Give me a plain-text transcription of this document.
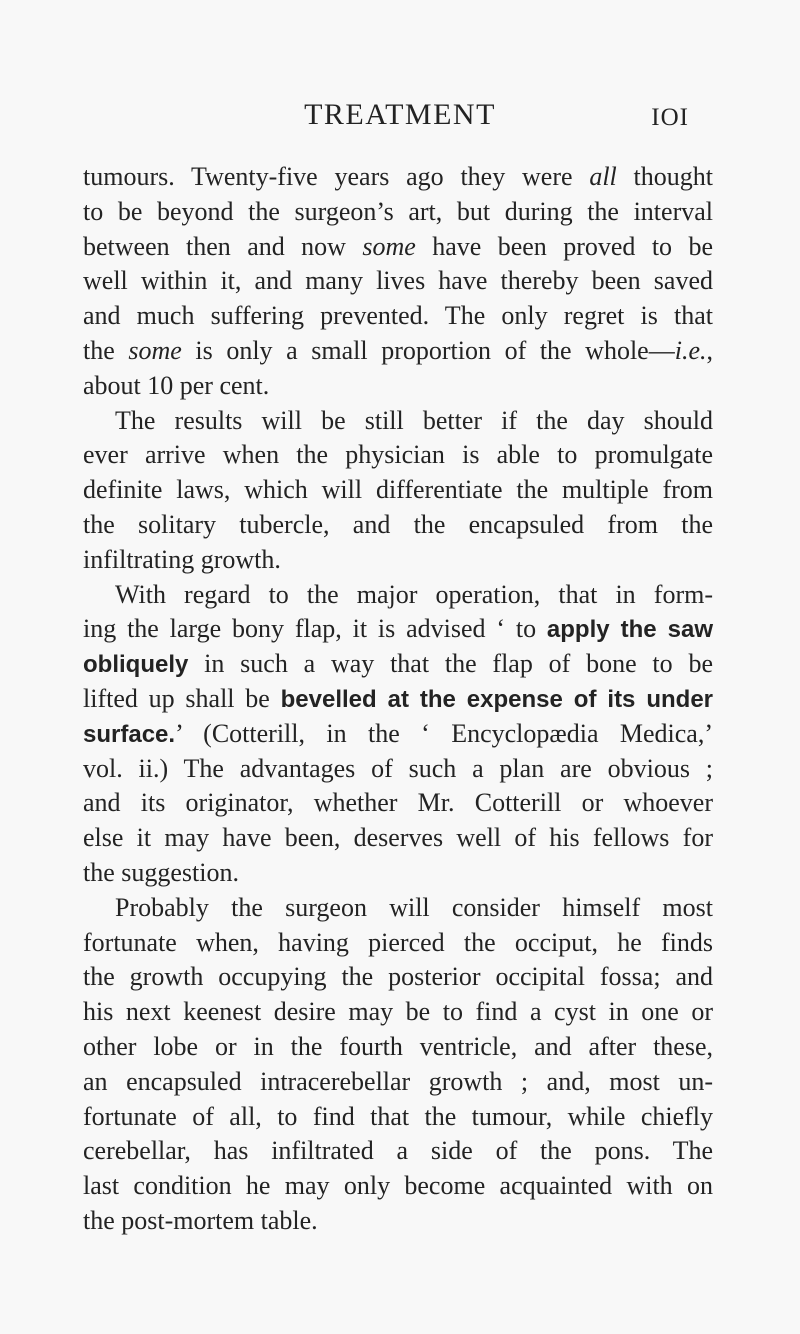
TREATMENT	IOI
tumours. Twenty-five years ago they were all thought
to be beyond the surgeon’s art, but during the interval
between then and now some have been proved to be
well within it, and many lives have thereby been saved
and much suffering prevented. The only regret is that
the some is only a small proportion of the whole—i.e.,
about 10 per cent.
The results will be still better if the day should
ever arrive when the physician is able to promulgate
definite laws, which will differentiate the multiple from
the solitary tubercle, and the encapsuled from the
infiltrating growth.
With regard to the major operation, that in form-
ing the large bony flap, it is advised ‘ to apply the saw
obliquely in such a way that the flap of bone to be
lifted up shall be bevelled at the expense of its under
surface.’ (Cotterill, in the ‘ Encyclopædia Medica,’
vol. ii.) The advantages of such a plan are obvious ;
and its originator, whether Mr. Cotterill or whoever
else it may have been, deserves well of his fellows for
the suggestion.
Probably the surgeon will consider himself most
fortunate when, having pierced the occiput, he finds
the growth occupying the posterior occipital fossa; and
his next keenest desire may be to find a cyst in one or
other lobe or in the fourth ventricle, and after these,
an encapsuled intracerebellar growth ; and, most un-
fortunate of all, to find that the tumour, while chiefly
cerebellar, has infiltrated a side of the pons. The
last condition he may only become acquainted with on
the post-mortem table.
